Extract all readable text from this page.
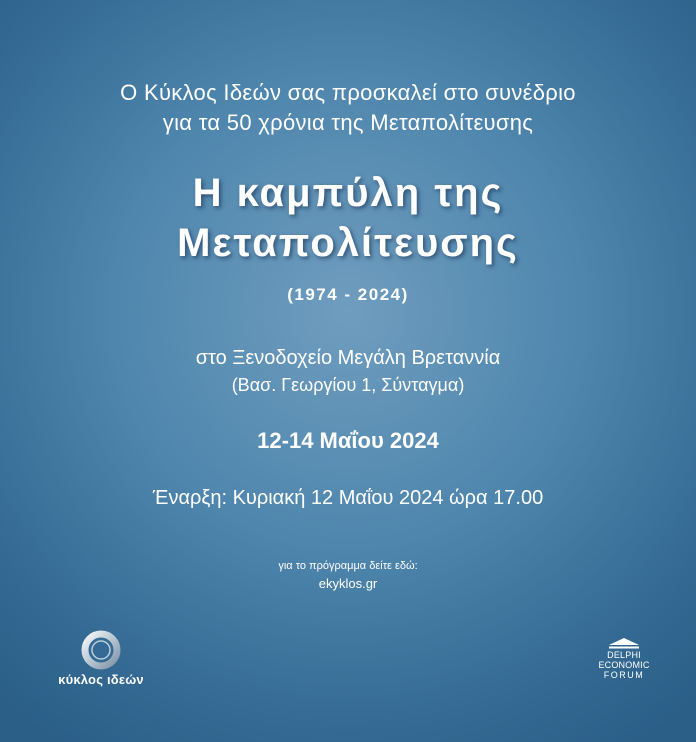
Ο Κύκλος Ιδεών σας προσκαλεί στο συνέδριο
για τα 50 χρόνια της Μεταπολίτευσης
Η καμπύλη της
Μεταπολίτευσης
(1974 - 2024)
στο Ξενοδοχείο Μεγάλη Βρεταννία
(Βασ. Γεωργίου 1, Σύνταγμα)
12-14 Μαΐου 2024
Έναρξη: Κυριακή 12 Μαΐου 2024 ώρα 17.00
για το πρόγραμμα δείτε εδώ:
ekyklos.gr
κύκλος ιδεών
DELPHI
ECONOMIC
FORUM
